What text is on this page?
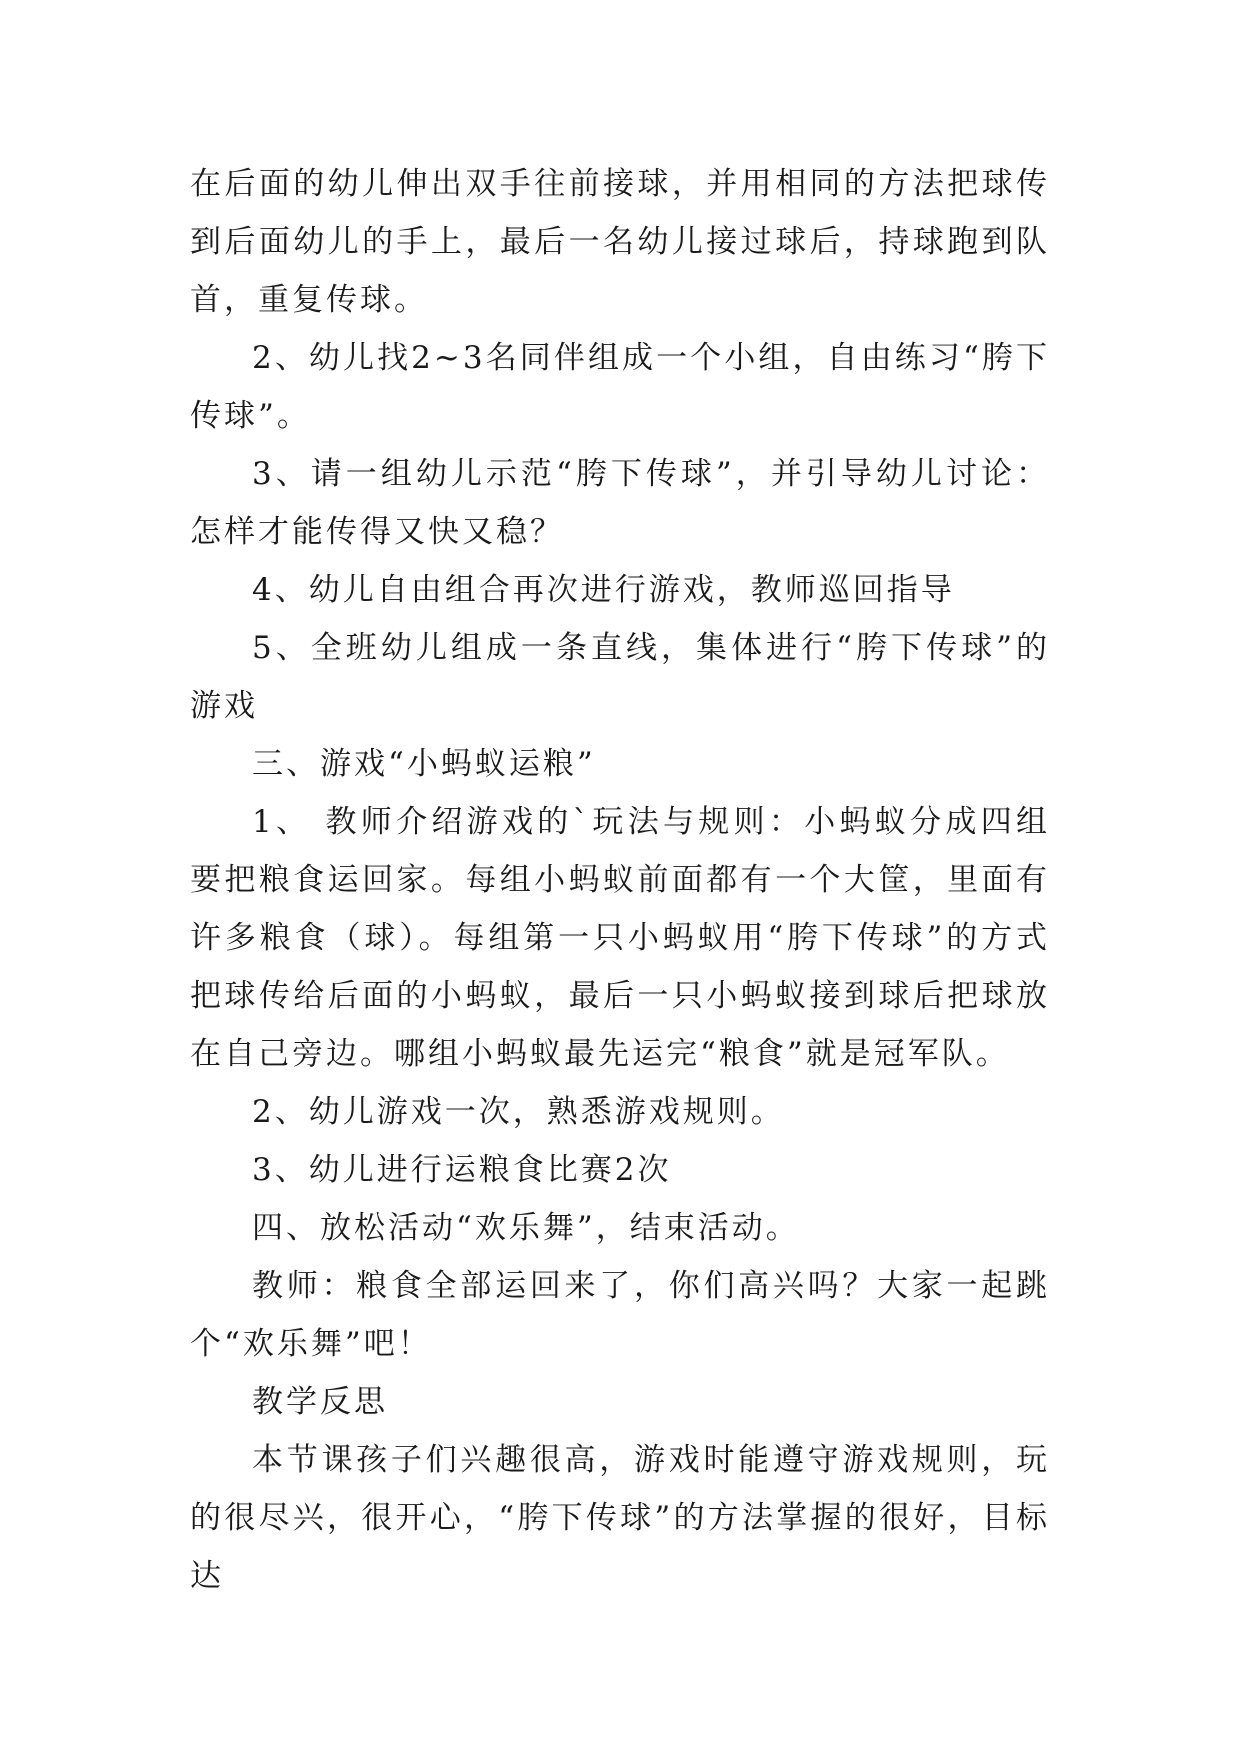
在后面的幼儿伸出双手往前接球，并用相同的方法把球传到后面幼儿的手上，最后一名幼儿接过球后，持球跑到队首，重复传球。

2、幼儿找2~3名同伴组成一个小组，自由练习“胯下传球”。

3、请一组幼儿示范“胯下传球”，并引导幼儿讨论：怎样才能传得又快又稳？

4、幼儿自由组合再次进行游戏，教师巡回指导

5、全班幼儿组成一条直线，集体进行“胯下传球”的游戏

三、游戏“小蚂蚁运粮”

1、 教师介绍游戏的`玩法与规则：小蚂蚁分成四组要把粮食运回家。每组小蚂蚁前面都有一个大筐，里面有许多粮食（球）。每组第一只小蚂蚁用“胯下传球”的方式把球传给后面的小蚂蚁，最后一只小蚂蚁接到球后把球放在自己旁边。哪组小蚂蚁最先运完“粮食”就是冠军队。

2、幼儿游戏一次，熟悉游戏规则。

3、幼儿进行运粮食比赛2次

四、放松活动“欢乐舞”，结束活动。

教师：粮食全部运回来了，你们高兴吗？大家一起跳个“欢乐舞”吧！

教学反思

本节课孩子们兴趣很高，游戏时能遵守游戏规则，玩的很尽兴，很开心，“胯下传球”的方法掌握的很好，目标达
